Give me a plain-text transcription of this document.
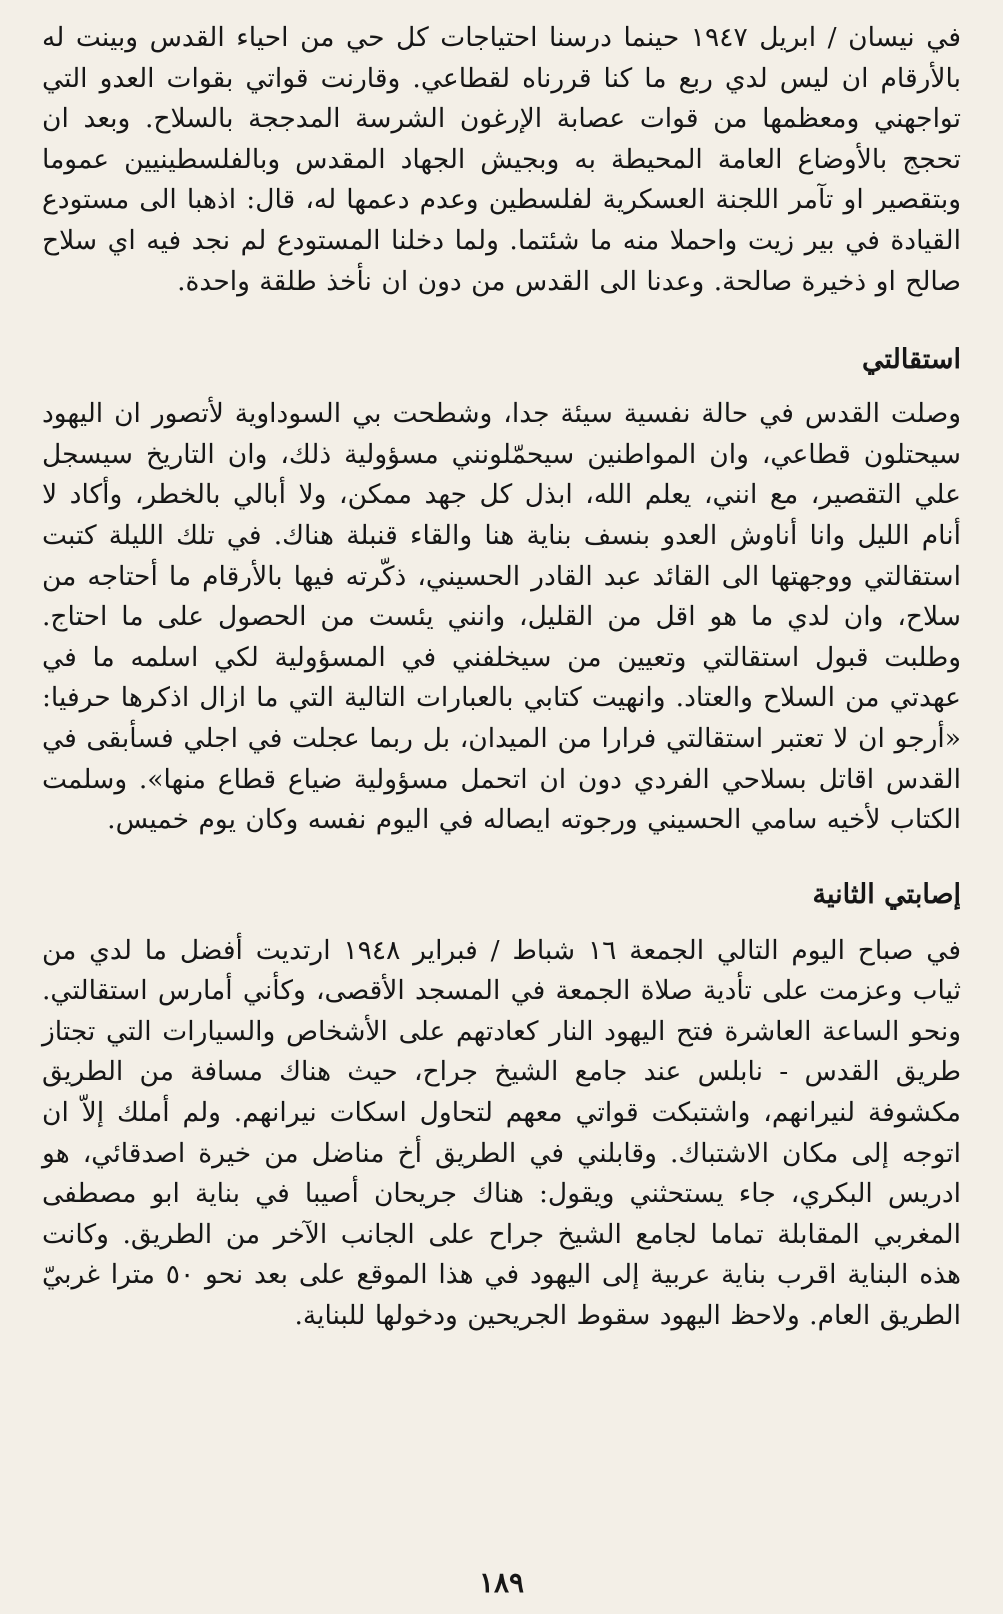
في نيسان / ابريل ١٩٤٧ حينما درسنا احتياجات كل حي من احياء القدس وبينت له بالأرقام ان ليس لدي ربع ما كنا قررناه لقطاعي. وقارنت قواتي بقوات العدو التي تواجهني ومعظمها من قوات عصابة الإرغون الشرسة المدججة بالسلاح. وبعد ان تحجج بالأوضاع العامة المحيطة به وبجيش الجهاد المقدس وبالفلسطينيين عموما وبتقصير او تآمر اللجنة العسكرية لفلسطين وعدم دعمها له، قال: اذهبا الى مستودع القيادة في بير زيت واحملا منه ما شئتما. ولما دخلنا المستودع لم نجد فيه اي سلاح صالح او ذخيرة صالحة. وعدنا الى القدس من دون ان نأخذ طلقة واحدة.

استقالتي

وصلت القدس في حالة نفسية سيئة جدا، وشطحت بي السوداوية لأتصور ان اليهود سيحتلون قطاعي، وان المواطنين سيحمّلونني مسؤولية ذلك، وان التاريخ سيسجل علي التقصير، مع انني، يعلم الله، ابذل كل جهد ممكن، ولا أبالي بالخطر، وأكاد لا أنام الليل وانا أناوش العدو بنسف بناية هنا والقاء قنبلة هناك. في تلك الليلة كتبت استقالتي ووجهتها الى القائد عبد القادر الحسيني، ذكّرته فيها بالأرقام ما أحتاجه من سلاح، وان لدي ما هو اقل من القليل، وانني يئست من الحصول على ما احتاج. وطلبت قبول استقالتي وتعيين من سيخلفني في المسؤولية لكي اسلمه ما في عهدتي من السلاح والعتاد. وانهيت كتابي بالعبارات التالية التي ما ازال اذكرها حرفيا: «أرجو ان لا تعتبر استقالتي فرارا من الميدان، بل ربما عجلت في اجلي فسأبقى في القدس اقاتل بسلاحي الفردي دون ان اتحمل مسؤولية ضياع قطاع منها». وسلمت الكتاب لأخيه سامي الحسيني ورجوته ايصاله في اليوم نفسه وكان يوم خميس.

إصابتي الثانية

في صباح اليوم التالي الجمعة ١٦ شباط / فبراير ١٩٤٨ ارتديت أفضل ما لدي من ثياب وعزمت على تأدية صلاة الجمعة في المسجد الأقصى، وكأني أمارس استقالتي. ونحو الساعة العاشرة فتح اليهود النار كعادتهم على الأشخاص والسيارات التي تجتاز طريق القدس - نابلس عند جامع الشيخ جراح، حيث هناك مسافة من الطريق مكشوفة لنيرانهم، واشتبكت قواتي معهم لتحاول اسكات نيرانهم. ولم أملك إلاّ ان اتوجه إلى مكان الاشتباك. وقابلني في الطريق أخ مناضل من خيرة اصدقائي، هو ادريس البكري، جاء يستحثني ويقول: هناك جريحان أصيبا في بناية ابو مصطفى المغربي المقابلة تماما لجامع الشيخ جراح على الجانب الآخر من الطريق. وكانت هذه البناية اقرب بناية عربية إلى اليهود في هذا الموقع على بعد نحو ٥٠ مترا غربيّ الطريق العام. ولاحظ اليهود سقوط الجريحين ودخولها للبناية.

١٨٩
